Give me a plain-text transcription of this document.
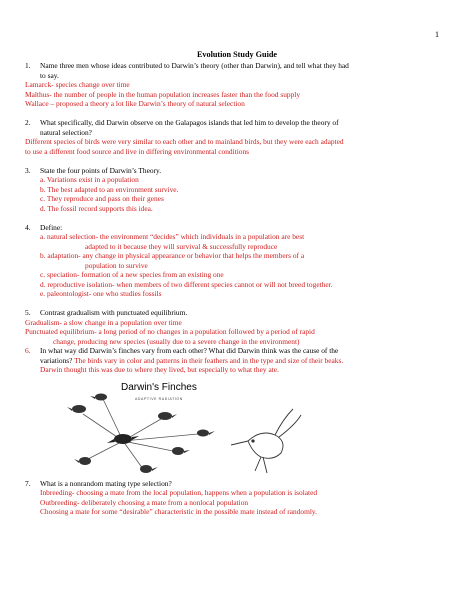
1
Evolution Study Guide
1.	Name three men whose ideas contributed to Darwin’s theory (other than Darwin), and tell what they had
to say.
Lamarck- species change over time
Malthus- the number of people in the human population increases faster than the food supply
Wallace – proposed a theory a lot like Darwin’s theory of natural selection
2.	What specifically, did Darwin observe on the Galapagos islands that led him to develop the theory of
natural selection?
Different species of birds were very similar to each other and to mainland birds, but they were each adapted
to use a different food source and live in differing environmental conditions
3.	State the four points of Darwin’s Theory.
a. Variations exist in a population
b. The best adapted to an environment survive.
c. They reproduce and pass on their genes
d. The fossil record supports this idea.
4.	Define:
a. natural selection- the environment “decides” which individuals in a population are best
adapted to it because they will survival & successfully reproduce
b. adaptation- any change in physical appearance or behavior that helps the members of a
population to survive
c. speciation- formation of a new species from an existing one
d. reproductive isolation- when members of two different species cannot or will not breed together.
e. paleontologist- one who studies fossils
5.	Contrast gradualism with punctuated equilibrium.
Gradualism- a slow change in a population over time
Punctuated equilibrium- a long period of no changes in a population followed by a period of rapid
change, producing new species (usually due to a severe change in the environment)
6.	In what way did Darwin’s finches vary from each other? What did Darwin think was the cause of the
variations? The birds vary in color and patterns in their feathers and in the type and size of their beaks.
Darwin thought this was due to where they lived, but especially to what they ate.
Darwin's Finches
ADAPTIVE RADIATION
7.	What is a nonrandom mating type selection?
Inbreeding- choosing a mate from the local population, happens when a population is isolated
Outbreeding- deliberately choosing a mate from a nonlocal population
Choosing a mate for some “desirable” characteristic in the possible mate instead of randomly.
